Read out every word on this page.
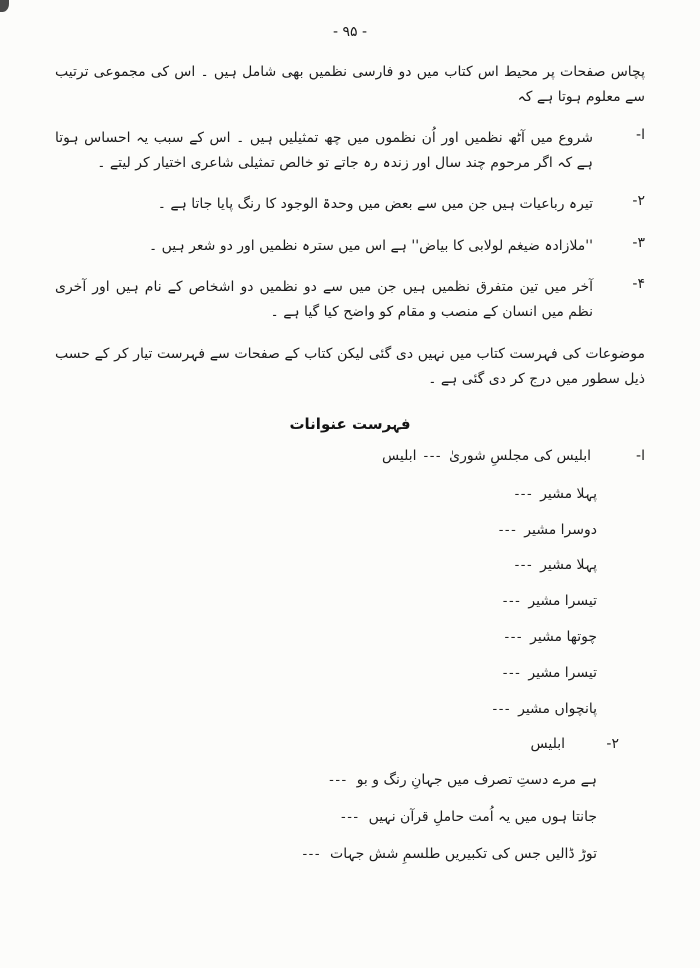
- ۹۵ -

پچاس صفحات پر محیط اس کتاب میں دو فارسی نظمیں بھی شامل ہیں ۔ اس کی مجموعی ترتیب سے معلوم ہوتا ہے کہ

ا-
شروع میں آٹھ نظمیں اور اُن نظموں میں چھ تمثیلیں ہیں ۔ اس کے سبب یہ احساس ہوتا ہے کہ اگر مرحوم چند سال اور زندہ رہ جاتے تو خالص تمثیلی شاعری اختیار کر لیتے ۔
۲-
تیرہ رباعیات ہیں جن میں سے بعض میں وحدۃ الوجود کا رنگ پایا جاتا ہے ۔
۳-
''ملازادہ ضیغم لولابی کا بیاض'' ہے اس میں سترہ نظمیں اور دو شعر ہیں ۔
۴-
آخر میں تین متفرق نظمیں ہیں جن میں سے دو نظمیں دو اشخاص کے نام ہیں اور آخری نظم میں انسان کے منصب و مقام کو واضح کیا گیا ہے ۔

موضوعات کی فہرست کتاب میں نہیں دی گئی لیکن کتاب کے صفحات سے فہرست تیار کر کے حسب ذیل سطور میں درج کر دی گئی ہے ۔

فہرست عنوانات
ا-
ابلیس کی مجلسِ شوریٰ
---
ابلیس
پہلا مشیر
---
دوسرا مشیر
---
پہلا مشیر
---
تیسرا مشیر
---
چوتھا مشیر
---
تیسرا مشیر
---
پانچواں مشیر
---
۲-
ابلیس
ہے مرے دستِ تصرف میں جہانِ رنگ و بو
---
جانتا ہوں میں یہ اُمت حاملِ قرآن نہیں
---
توڑ ڈالیں جس کی تکبیریں طلسمِ شش جہات
---
